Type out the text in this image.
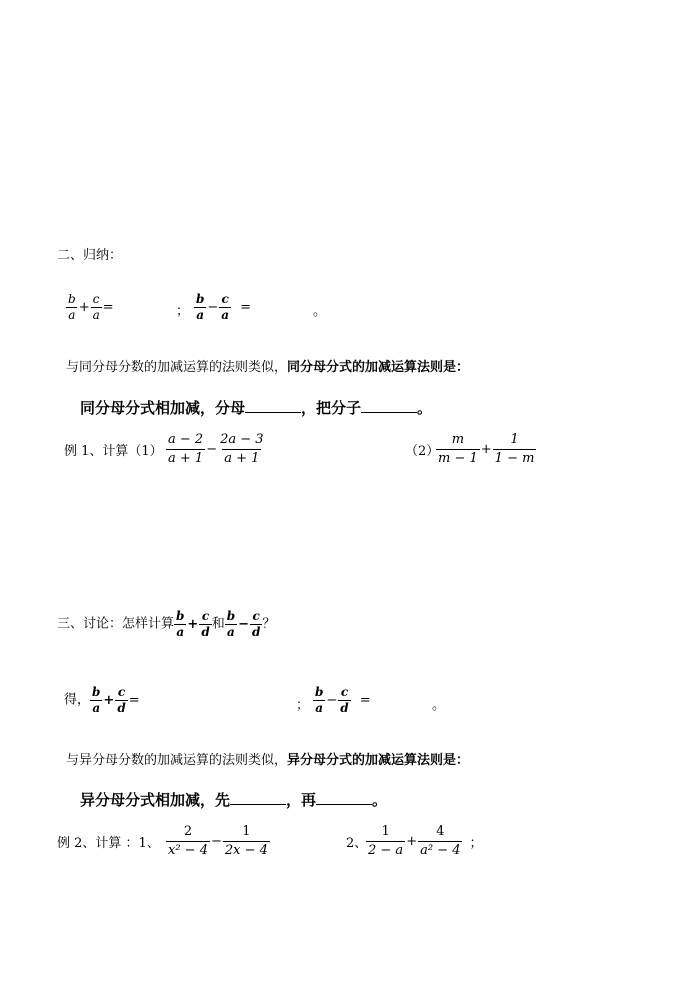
二、归纳：
$\frac{b}{a} + \frac{c}{a}$ =	； $\frac{b}{a} - \frac{c}{a}$ =	。
与同分母分数的加减运算的法则类似，同分母分式的加减运算法则是：
同分母分式相加减，分母	，把分子	。
例 1、计算$(1) \frac{a - 2}{a + 1} - \frac{2a - 3}{a + 1}$	（2）
$\frac{m}{m - 1} + \frac{1}{1 - m}$
三、讨论：怎样计算 $\frac{b}{a} + \frac{c}{d}$ 和 $\frac{b}{a} - \frac{c}{d}$ ？
得， $\frac{b}{a} + \frac{c}{d}$ =	； $\frac{b}{a} - \frac{c}{d}$ =	。
与异分母分数的加减运算的法则类似，异分母分式的加减运算法则是：
异分母分式相加减，先	，再	。
例 2、计算 ：1、 $\frac{2}{\text{x² − 4}} - \frac{1}{2x - 4}$	2、
$\frac{1}{2 - a} + \frac{4}{\text{a² − 4}}$ ；
